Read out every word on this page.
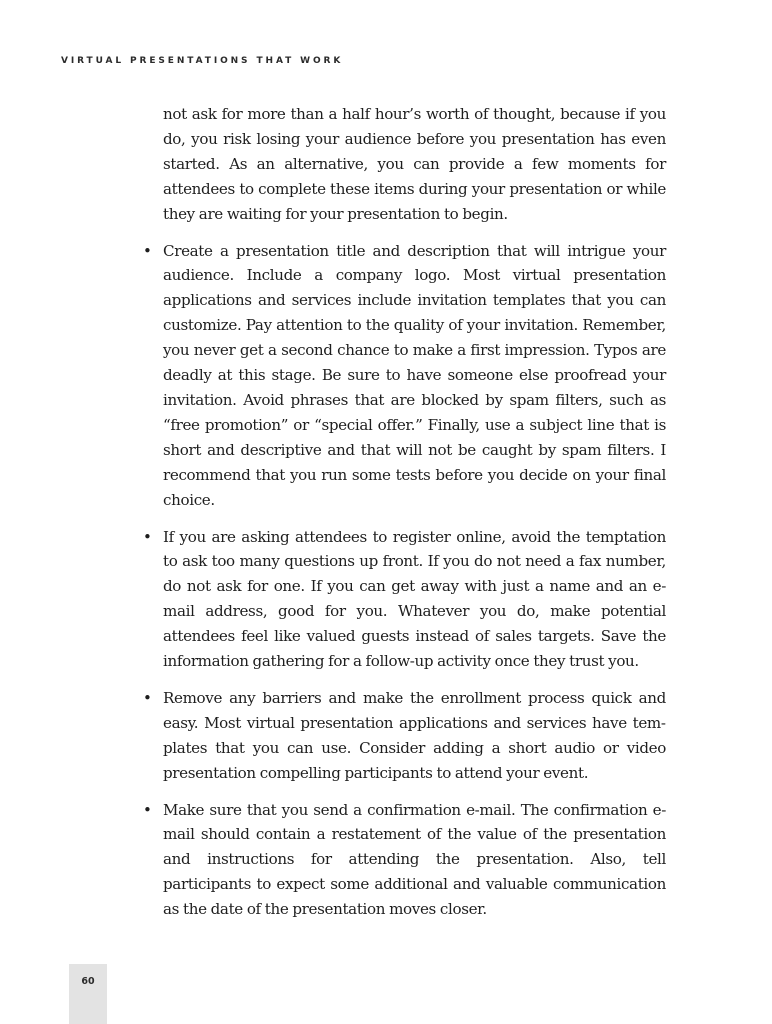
VIRTUAL PRESENTATIONS THAT WORK

not ask for more than a half hour’s worth of thought, because if you do, you risk losing your audience before you presentation has even started. As an alternative, you can provide a few moments for attendees to complete these items during your presentation or while they are waiting for your presentation to begin.

• Create a presentation title and description that will intrigue your audience. Include a company logo. Most virtual presentation applications and services include invitation templates that you can customize. Pay attention to the quality of your invitation. Remember, you never get a second chance to make a first impression. Typos are deadly at this stage. Be sure to have someone else proofread your invitation. Avoid phrases that are blocked by spam filters, such as “free promotion” or “special offer.” Finally, use a subject line that is short and descriptive and that will not be caught by spam filters. I recommend that you run some tests before you decide on your final choice.
• If you are asking attendees to register online, avoid the temptation to ask too many questions up front. If you do not need a fax number, do not ask for one. If you can get away with just a name and an e-mail address, good for you. Whatever you do, make potential attendees feel like valued guests instead of sales targets. Save the information gathering for a follow-up activity once they trust you.
• Remove any barriers and make the enrollment process quick and easy. Most virtual presentation applications and services have templates that you can use. Consider adding a short audio or video presentation compelling participants to attend your event.
• Make sure that you send a confirmation e-mail. The confirmation e-mail should contain a restatement of the value of the presentation and instructions for attending the presentation. Also, tell participants to expect some additional and valuable communication as the date of the presentation moves closer.
60
